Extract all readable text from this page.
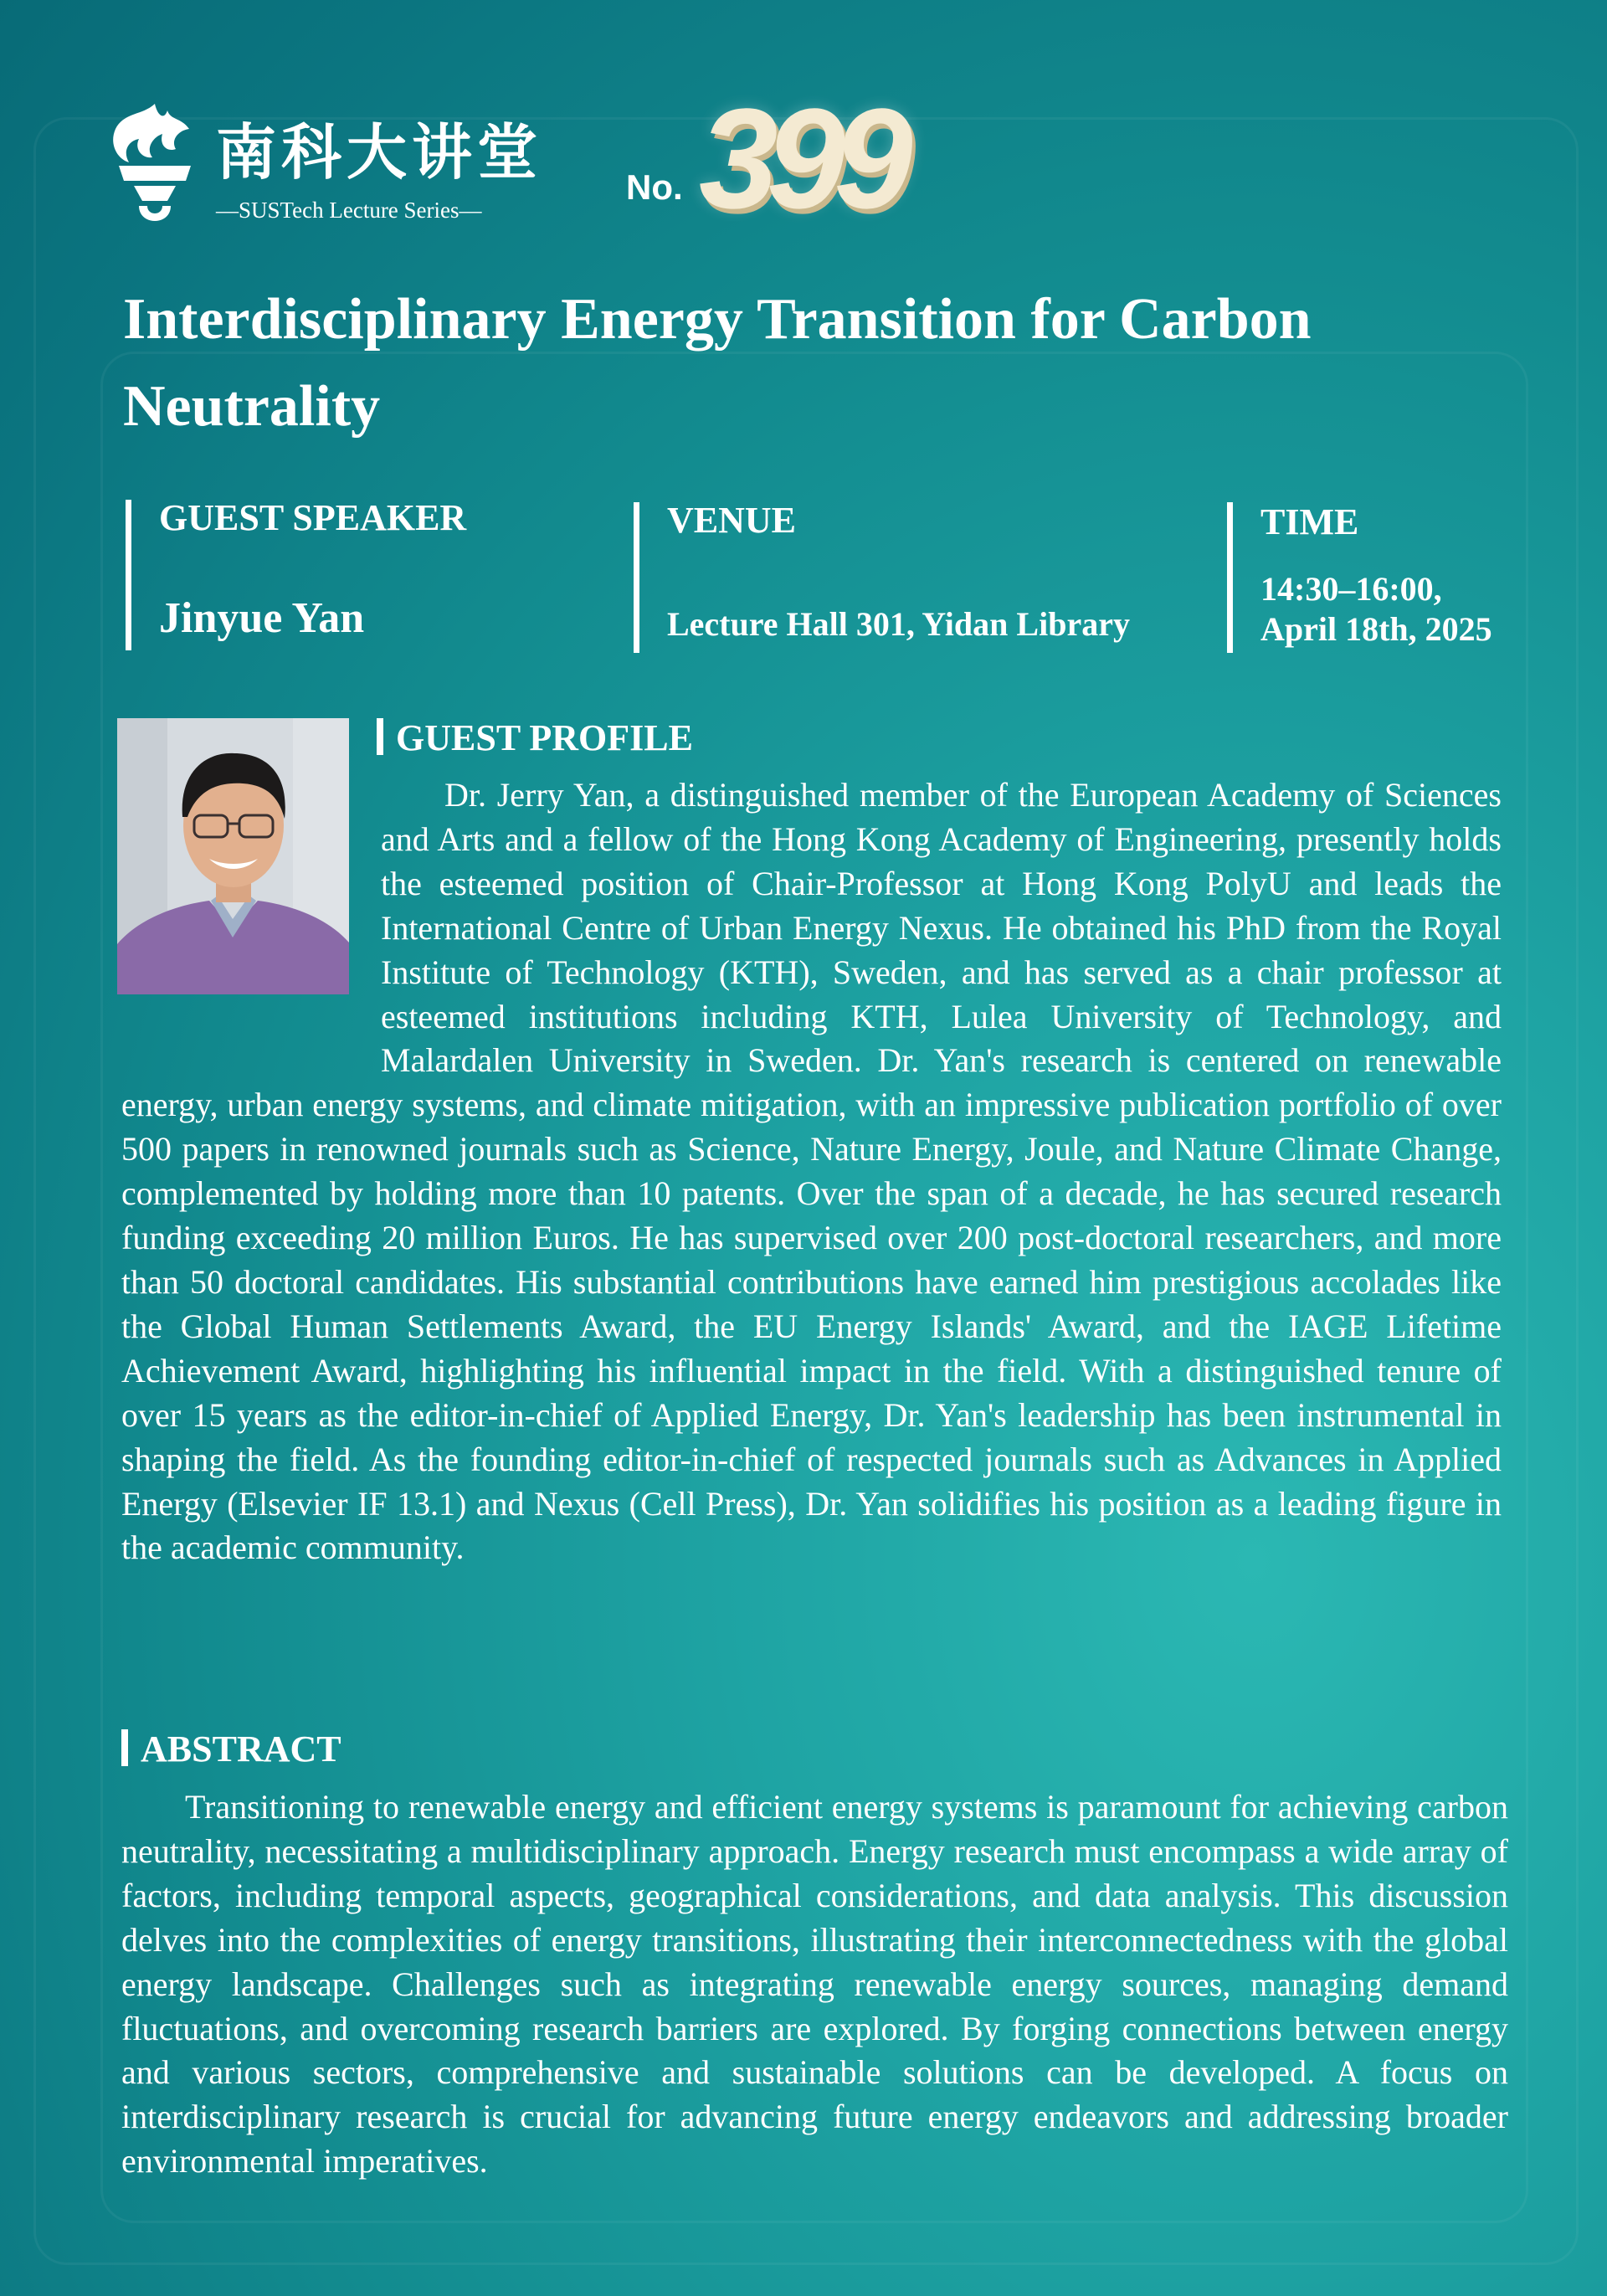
南科大讲堂
—SUSTech Lecture Series—
No. 399
Interdisciplinary Energy Transition for Carbon Neutrality
GUEST SPEAKER
Jinyue Yan
VENUE
Lecture Hall 301, Yidan Library
TIME
14:30–16:00,
April 18th, 2025
GUEST PROFILE

Dr. Jerry Yan, a distinguished member of the European Academy of Sciences and Arts and a fellow of the Hong Kong Academy of Engineering, presently holds the esteemed position of Chair-Professor at Hong Kong PolyU and leads the International Centre of Urban Energy Nexus. He obtained his PhD from the Royal Institute of Technology (KTH), Sweden, and has served as a chair professor at esteemed institutions including KTH, Lulea University of Technology, and Malardalen University in Sweden. Dr. Yan's research is centered on renewable energy, urban energy systems, and climate mitigation, with an impressive publication portfolio of over 500 papers in renowned journals such as Science, Nature Energy, Joule, and Nature Climate Change, complemented by holding more than 10 patents. Over the span of a decade, he has secured research funding exceeding 20 million Euros. He has supervised over 200 post-doctoral researchers, and more than 50 doctoral candidates. His substantial contributions have earned him prestigious accolades like the Global Human Settlements Award, the EU Energy Islands' Award, and the IAGE Lifetime Achievement Award, highlighting his influential impact in the field. With a distinguished tenure of over 15 years as the editor-in-chief of Applied Energy, Dr. Yan's leadership has been instrumental in shaping the field. As the founding editor-in-chief of respected journals such as Advances in Applied Energy (Elsevier IF 13.1) and Nexus (Cell Press), Dr. Yan solidifies his position as a leading figure in the academic community.

ABSTRACT

Transitioning to renewable energy and efficient energy systems is paramount for achieving carbon neutrality, necessitating a multidisciplinary approach. Energy research must encompass a wide array of factors, including temporal aspects, geographical considerations, and data analysis. This discussion delves into the complexities of energy transitions, illustrating their interconnectedness with the global energy landscape. Challenges such as integrating renewable energy sources, managing demand fluctuations, and overcoming research barriers are explored. By forging connections between energy and various sectors, comprehensive and sustainable solutions can be developed. A focus on interdisciplinary research is crucial for advancing future energy endeavors and addressing broader environmental imperatives.
